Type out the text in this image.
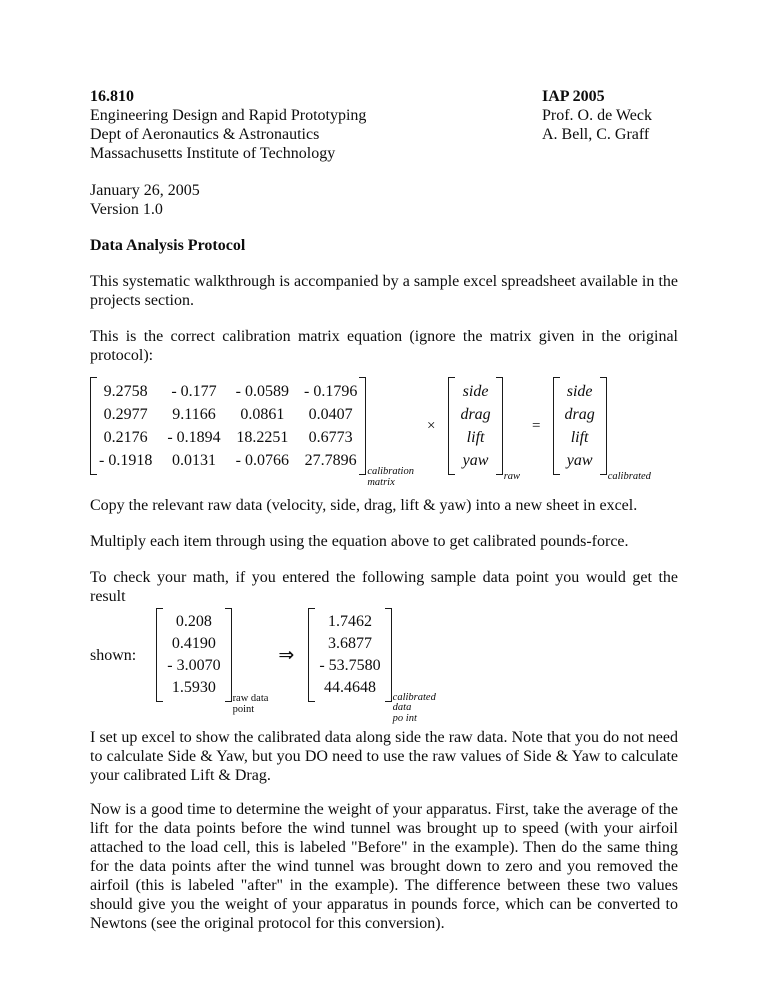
16.810
Engineering Design and Rapid Prototyping
Dept of Aeronautics & Astronautics
Massachusetts Institute of Technology
IAP 2005
Prof. O. de Weck
A. Bell, C. Graff
January 26, 2005
Version 1.0
Data Analysis Protocol
This systematic walkthrough is accompanied by a sample excel spreadsheet available in the projects section.
This is the correct calibration matrix equation (ignore the matrix given in the original protocol):
9.2758 - 0.177 - 0.0589 - 0.1796
0.2977	9.1166	0.0861 0.0407
0.2176 - 0.1894 18.2251 0.6773
- 0.1918 0.0131 - 0.0766 27.7896
calibration
matrix
×
side
drag
lift
yaw
raw
=
side
drag
lift
yaw
calibrated
Copy the relevant raw data (velocity, side, drag, lift & yaw) into a new sheet in excel.
Multiply each item through using the equation above to get calibrated pounds-force.
To check your math, if you entered the following sample data point you would get the result
shown:
0.208
0.4190
- 3.0070
1.5930
raw data
point
⇒
1.7462
3.6877
- 53.7580
44.4648
calibrated
data
po int
I set up excel to show the calibrated data along side the raw data. Note that you do not need to calculate Side & Yaw, but you DO need to use the raw values of Side & Yaw to calculate your calibrated Lift & Drag.
Now is a good time to determine the weight of your apparatus. First, take the average of the lift for the data points before the wind tunnel was brought up to speed (with your airfoil attached to the load cell, this is labeled "Before" in the example). Then do the same thing for the data points after the wind tunnel was brought down to zero and you removed the airfoil (this is labeled "after" in the example). The difference between these two values should give you the weight of your apparatus in pounds force, which can be converted to Newtons (see the original protocol for this conversion).
